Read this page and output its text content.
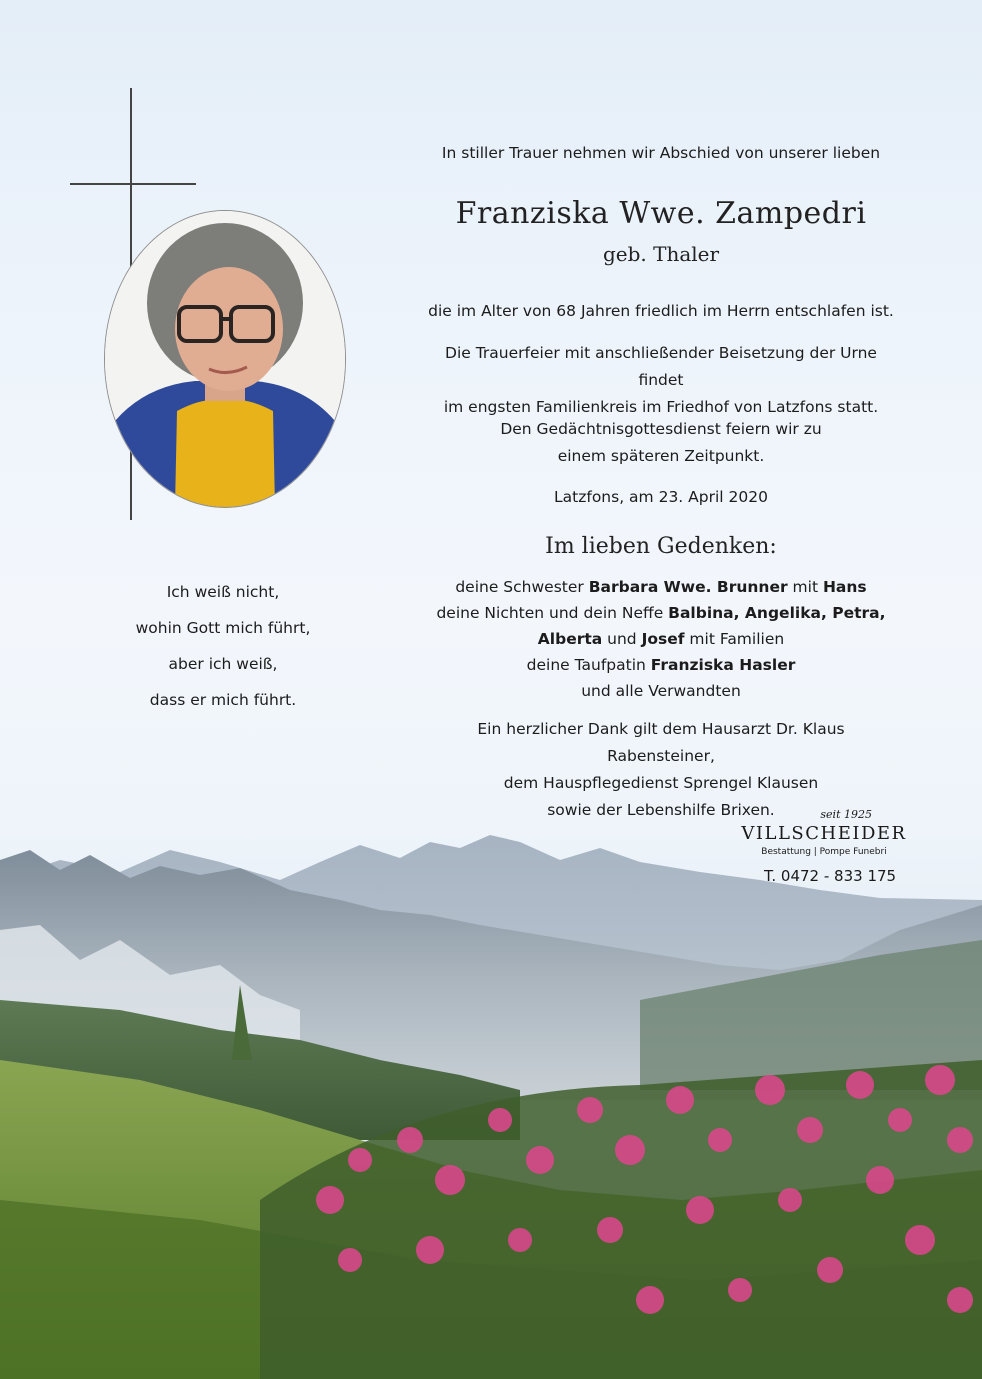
In stiller Trauer nehmen wir Abschied von unserer lieben
Franziska Wwe. Zampedri
geb. Thaler
die im Alter von 68 Jahren friedlich im Herrn entschlafen ist.
Die Trauerfeier mit anschließender Beisetzung der Urne findet
im engsten Familienkreis im Friedhof von Latzfons statt.
Den Gedächtnisgottesdienst feiern wir zu
einem späteren Zeitpunkt.
Latzfons, am 23. April 2020
Im lieben Gedenken:
deine Schwester Barbara Wwe. Brunner mit Hans
deine Nichten und dein Neffe Balbina, Angelika, Petra,
Alberta und Josef mit Familien
deine Taufpatin Franziska Hasler
und alle Verwandten
Ein herzlicher Dank gilt dem Hausarzt Dr. Klaus Rabensteiner,
dem Hauspflegedienst Sprengel Klausen
sowie der Lebenshilfe Brixen.
Ich weiß nicht,
wohin Gott mich führt,
aber ich weiß,
dass er mich führt.
seit 1925
VILLSCHEIDER
Bestattung | Pompe Funebri
T. 0472 - 833 175
